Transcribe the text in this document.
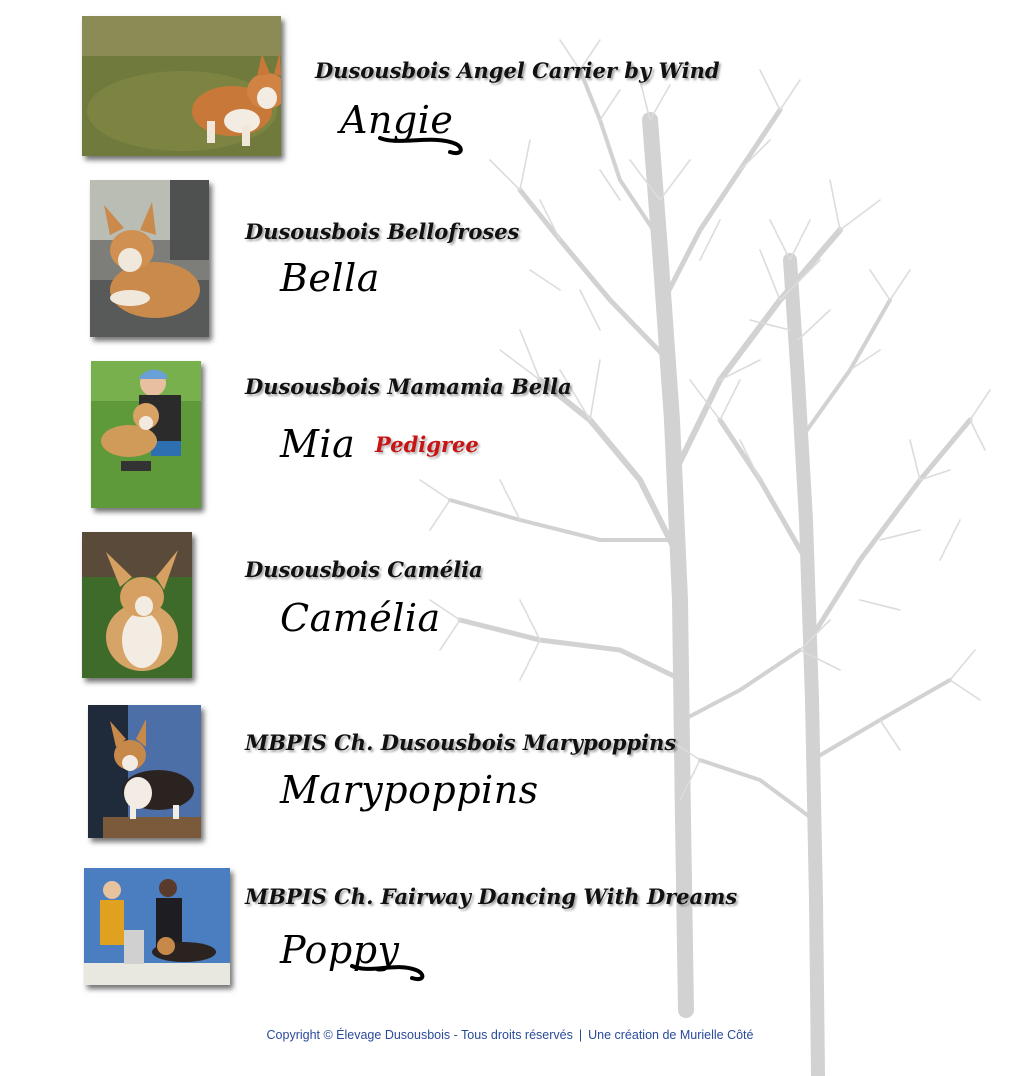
Dusousbois Angel Carrier by Wind
Angie
Dusousbois Bellofroses
Bella
Dusousbois Mamamia Bella
Mia Pedigree
Dusousbois Camélia
Camélia
MBPIS Ch. Dusousbois Marypoppins
Marypoppins
MBPIS Ch. Fairway Dancing With Dreams
Poppy
Copyright © Élevage Dusousbois - Tous droits réservés | Une création de Murielle Côté
